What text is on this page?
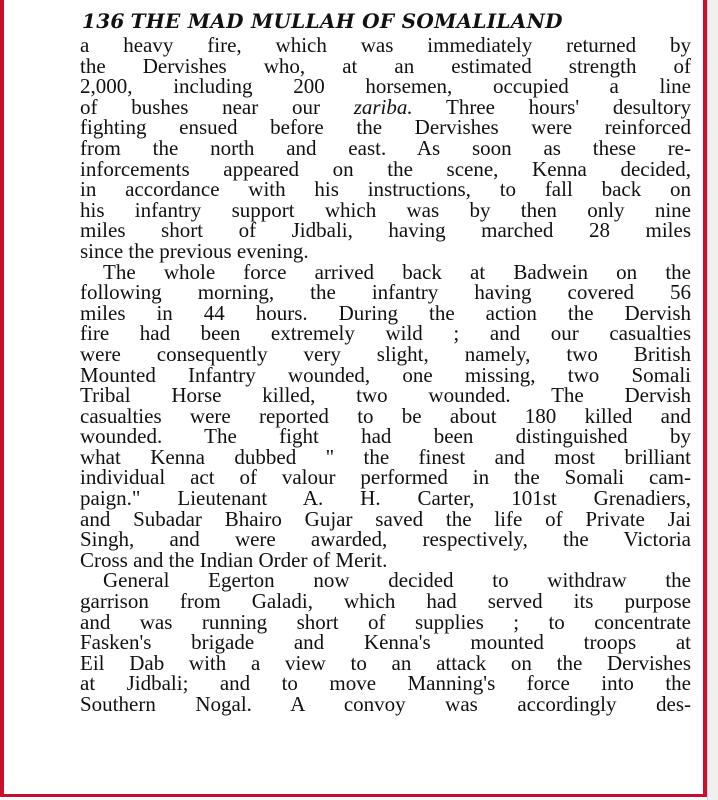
136 THE MAD MULLAH OF SOMALILAND
a heavy fire, which was immediately returned by
the Dervishes who, at an estimated strength of
2,000, including 200 horsemen, occupied a line
of bushes near our zariba. Three hours' desultory
fighting ensued before the Dervishes were reinforced
from the north and east. As soon as these re-
inforcements appeared on the scene, Kenna decided,
in accordance with his instructions, to fall back on
his infantry support which was by then only nine
miles short of Jidbali, having marched 28 miles
since the previous evening.
The whole force arrived back at Badwein on the
following morning, the infantry having covered 56
miles in 44 hours. During the action the Dervish
fire had been extremely wild ; and our casualties
were consequently very slight, namely, two British
Mounted Infantry wounded, one missing, two Somali
Tribal Horse killed, two wounded. The Dervish
casualties were reported to be about 180 killed and
wounded. The fight had been distinguished by
what Kenna dubbed " the finest and most brilliant
individual act of valour performed in the Somali cam-
paign." Lieutenant A. H. Carter, 101st Grenadiers,
and Subadar Bhairo Gujar saved the life of Private Jai
Singh, and were awarded, respectively, the Victoria
Cross and the Indian Order of Merit.
General Egerton now decided to withdraw the
garrison from Galadi, which had served its purpose
and was running short of supplies ; to concentrate
Fasken's brigade and Kenna's mounted troops at
Eil Dab with a view to an attack on the Dervishes
at Jidbali; and to move Manning's force into the
Southern Nogal. A convoy was accordingly des-
